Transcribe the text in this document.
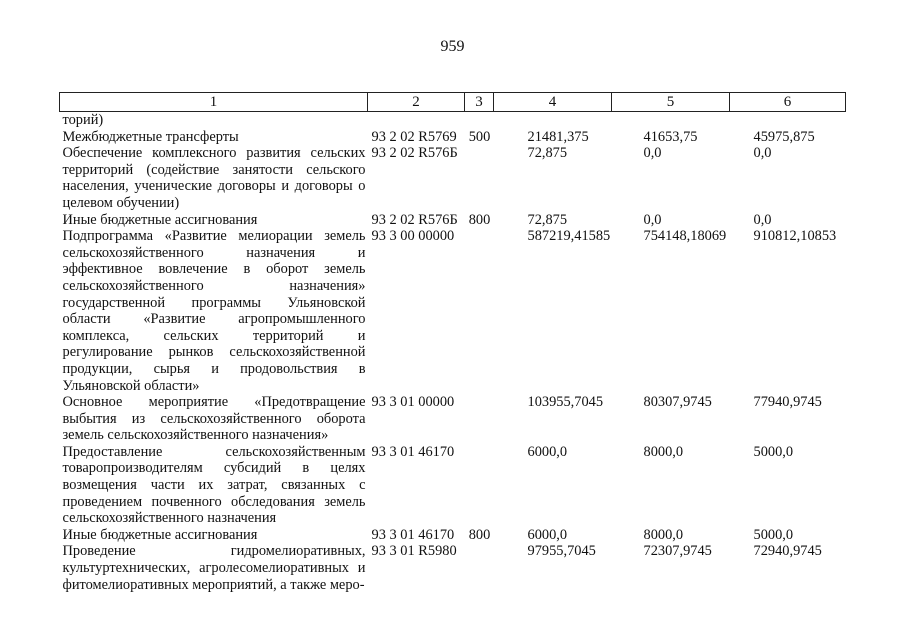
959
1	2	3	4	5	6
торий)					
Межбюджетные трансферты	93 2 02 R5769	500	21481,375	41653,75	45975,875
Обеспечение комплексного развития сельских территорий (содействие занятости сельского населения, ученические договоры и договоры о целевом обучении)	93 2 02 R576Б		72,875	0,0	0,0
Иные бюджетные ассигнования	93 2 02 R576Б	800	72,875	0,0	0,0
Подпрограмма «Развитие мелиорации земель сельскохозяйственного назначения и эффективное вовлечение в оборот земель сельскохозяйственного назначения» государственной программы Ульяновской области «Развитие агропромышленного комплекса, сельских территорий и регулирование рынков сельскохозяйственной продукции, сырья и продовольствия в Ульяновской области»	93 3 00 00000		587219,41585	754148,18069	910812,10853
Основное мероприятие «Предотвращение выбытия из сельскохозяйственного оборота земель сельскохозяйственного назначения»	93 3 01 00000		103955,7045	80307,9745	77940,9745
Предоставление сельскохозяйственным товаропроизводителям субсидий в целях возмещения части их затрат, связанных с проведением почвенного обследования земель сельскохозяйственного назначения	93 3 01 46170		6000,0	8000,0	5000,0
Иные бюджетные ассигнования	93 3 01 46170	800	6000,0	8000,0	5000,0
Проведение гидромелиоративных, культуртехнических, агролесомелиоративных и фитомелиоративных мероприятий, а также меро-	93 3 01 R5980		97955,7045	72307,9745	72940,9745
